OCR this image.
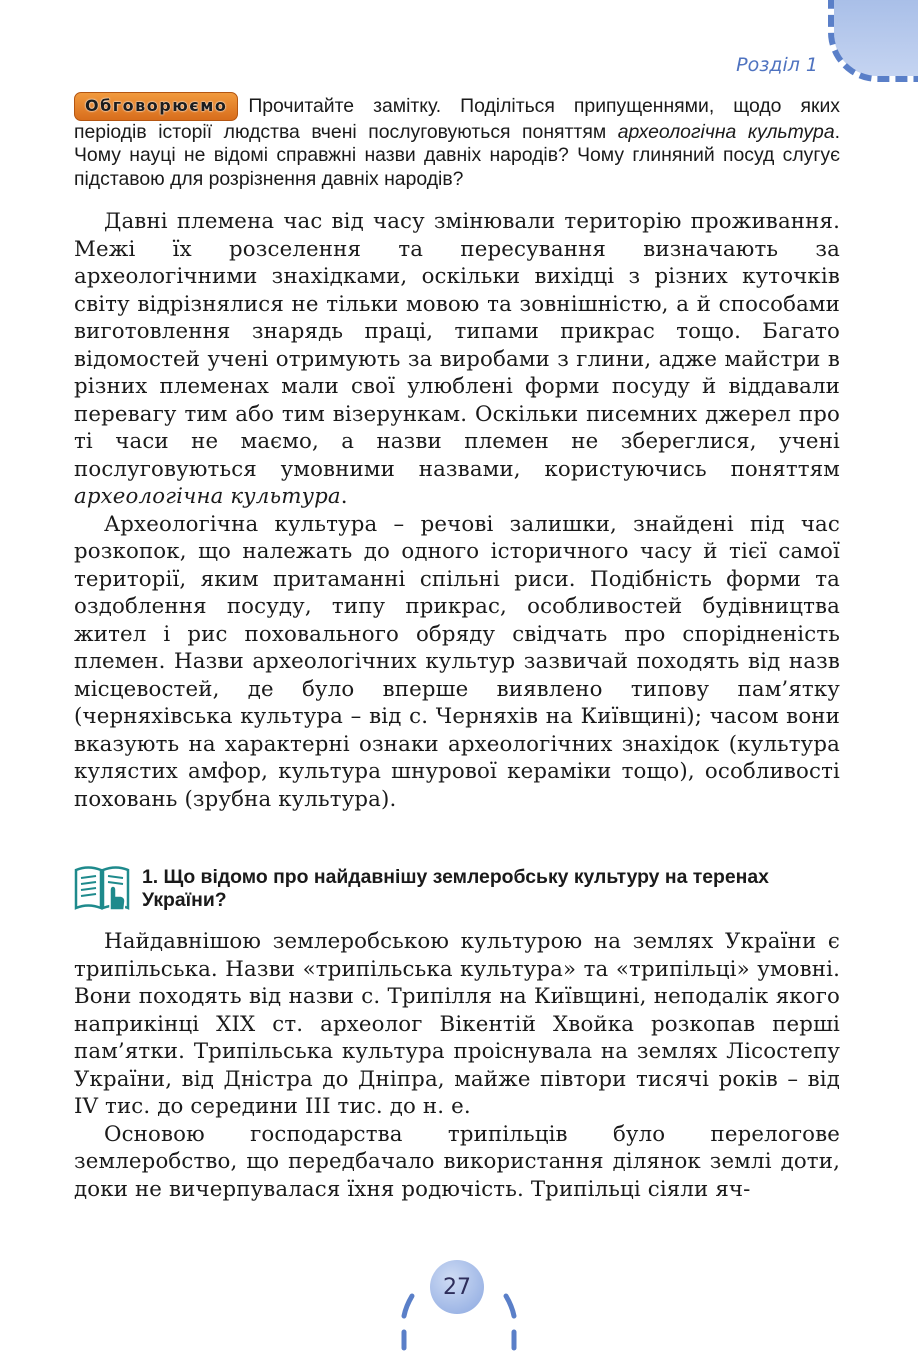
Розділ 1
Обговорюємо Прочитайте замітку. Поділіться припущеннями, щодо яких періодів історії людства вчені послуговуються поняттям археологічна культура. Чому науці не відомі справжні назви давніх народів? Чому глиняний посуд слугує підставою для розрізнення давніх народів?

Давні племена час від часу змінювали територію проживання. Межі їх розселення та пересування визначають за археологічними знахідками, оскільки вихідці з різних куточків світу відрізнялися не тільки мовою та зовнішністю, а й способами виготовлення знарядь праці, типами прикрас тощо. Багато відомостей учені отримують за виробами з глини, адже майстри в різних племенах мали свої улюблені форми посуду й віддавали перевагу тим або тим візерункам. Оскільки писемних джерел про ті часи не маємо, а назви племен не збереглися, учені послуговуються умовними назвами, користуючись поняттям археологічна культура.

Археологічна культура – речові залишки, знайдені під час розкопок, що належать до одного історичного часу й тієї самої території, яким притаманні спільні риси. Подібність форми та оздоблення посуду, типу прикрас, особливостей будівництва жител і рис поховального обряду свідчать про спорідненість племен. Назви археологічних культур зазвичай походять від назв місцевостей, де було вперше виявлено типову пам’ятку (черняхівська культура – від с. Черняхів на Київщині); часом вони вказують на характерні ознаки археологічних знахідок (культура кулястих амфор, культура шнурової кераміки тощо), особливості поховань (зрубна культура).

1. Що відомо про найдавнішу землеробську культуру на теренах України?

Найдавнішою землеробською культурою на землях України є трипільська. Назви «трипільська культура» та «трипільці» умовні. Вони походять від назви с. Трипілля на Київщині, неподалік якого наприкінці ХІХ ст. археолог Вікентій Хвойка розкопав перші пам’ятки. Трипільська культура проіснувала на землях Лісостепу України, від Дністра до Дніпра, майже півтори тисячі років – від IV тис. до середини ІІІ тис. до н. е.

Основою господарства трипільців було перелогове землеробство, що передбачало використання ділянок землі доти, доки не вичерпувалася їхня родючість. Трипільці сіяли яч-

27
